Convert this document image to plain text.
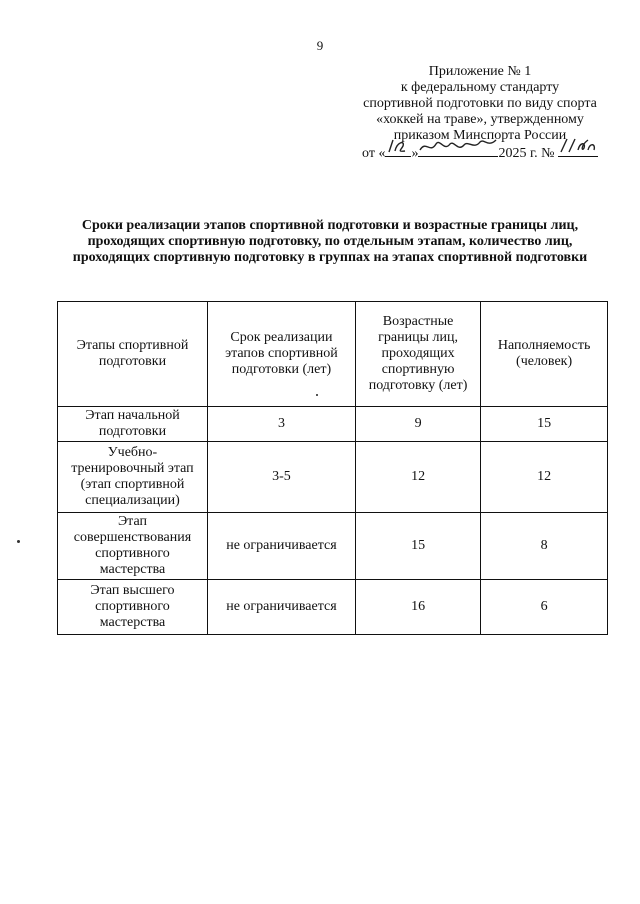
9
Приложение № 1
к федеральному стандарту
спортивной подготовки по виду спорта
«хоккей на траве», утвержденному
приказом Минспорта России
от « »	2025 г. №
Сроки реализации этапов спортивной подготовки и возрастные границы лиц, проходящих спортивную подготовку, по отдельным этапам, количество лиц, проходящих спортивную подготовку в группах на этапах спортивной подготовки
Этапы спортивной подготовки	Срок реализации этапов спортивной подготовки (лет)	Возрастные границы лиц, проходящих спортивную подготовку (лет)	Наполняемость (человек)
Этап начальной подготовки	3	9	15
Учебно-тренировочный этап (этап спортивной специализации)	3-5	12	12
Этап совершенствования спортивного мастерства	не ограничивается	15	8
Этап высшего спортивного мастерства	не ограничивается	16	6
